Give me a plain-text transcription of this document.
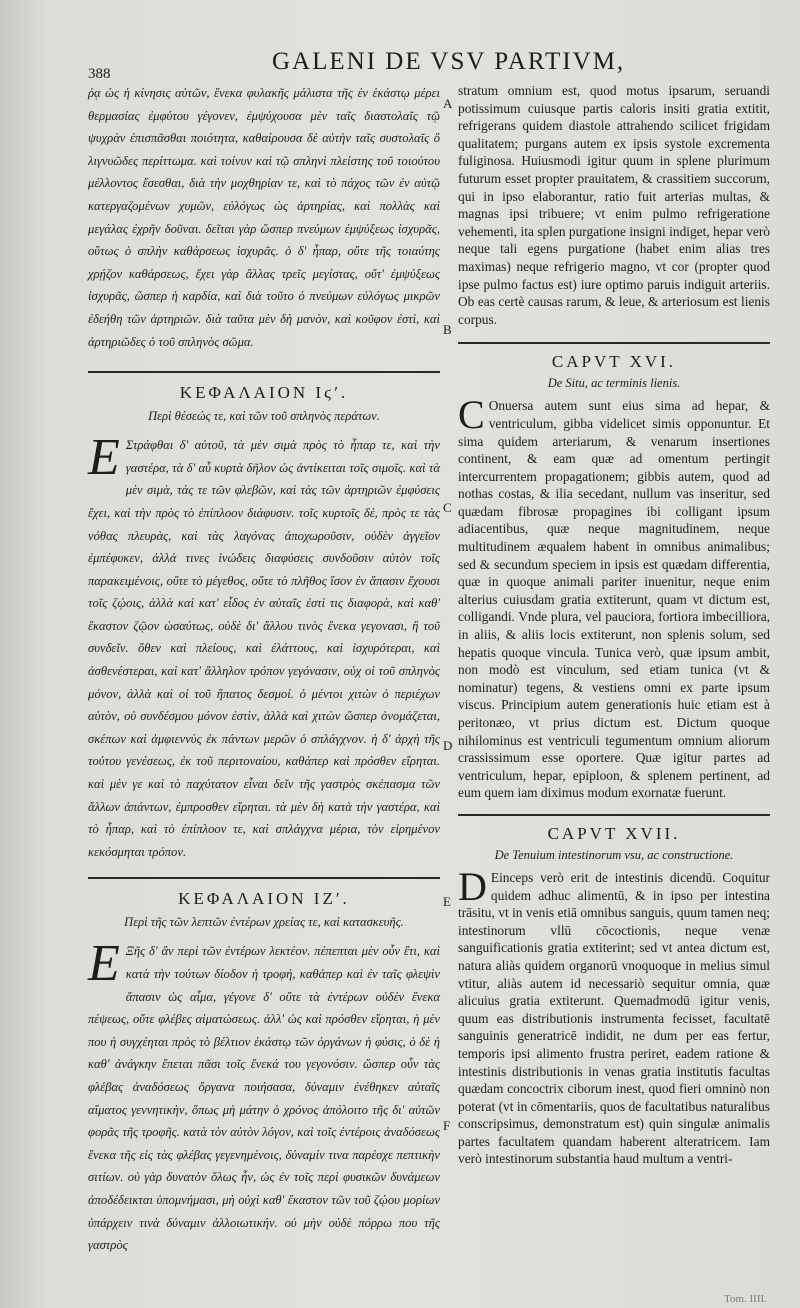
388	GALENI DE VSV PARTIVM,

ῥᾳ ὡς ἡ κίνησις αὐτῶν, ἕνεκα φυλακῆς μάλιστα τῆς ἐν ἑκάστῳ μέρει θερμασίας ἐμφύτου γέγονεν, ἐμψύχουσα μὲν ταῖς διαστολαῖς τῷ ψυχρὰν ἐπισπᾶσθαι ποιότητα, καθαίρουσα δὲ αὐτὴν ταῖς συστολαῖς ὅ λιγνυῶδες περίττωμα. καὶ τοίνυν καὶ τῷ σπληνὶ πλείστης τοῦ τοιούτου μέλλοντος ἔσεσθαι, διὰ τὴν μοχθηρίαν τε, καὶ τὸ πάχος τῶν ἐν αὐτῷ κατεργαζομένων χυμῶν, εὐλόγως ὡς ἀρτηρίας, καὶ πολλὰς καὶ μεγάλας ἐχρῆν δοῦναι. δεῖται γὰρ ὥσπερ πνεύμων ἐμψύξεως ἰσχυρᾶς, οὕτως ὁ σπλὴν καθάρσεως ἰσχυρᾶς. ὁ δ' ἧπαρ, οὔτε τῆς τοιαύτης χρῄζον καθάρσεως, ἔχει γὰρ ἄλλας τρεῖς μεγίστας, οὔτ' ἐμψύξεως ἰσχυρᾶς, ὥσπερ ἡ καρδία, καὶ διὰ τοῦτο ὁ πνεύμων εὐλόγως μικρῶν ἐδεήθη τῶν ἀρτηριῶν. διὰ ταῦτα μὲν δὴ μανὸν, καὶ κοῦφον ἐστὶ, καὶ ἀρτηριῶδες ὁ τοῦ σπληνὸς σῶμα.

ΚΕΦΑΛΑΙΟΝ Ιϛʹ.
Περὶ θέσεώς τε, καὶ τῶν τοῦ σπληνὸς περάτων.

Ε Στράφθαι δ' αὐτοῦ, τὰ μὲν σιμὰ πρὸς τὸ ἧπαρ τε, καὶ τὴν γαστέρα, τὰ δ' αὖ κυρτὰ δῆλον ὡς ἀντίκειται τοῖς σιμοῖς. καὶ τὰ μὲν σιμὰ, τάς τε τῶν φλεβῶν, καὶ τὰς τῶν ἀρτηριῶν ἐμφύσεις ἔχει, καὶ τὴν πρὸς τὸ ἐπίπλοον διάφυσιν. τοῖς κυρτοῖς δὲ, πρὸς τε τὰς νόθας πλευρὰς, καὶ τὰς λαγόνας ἀποχωροῦσιν, οὐδὲν ἀγγεῖον ἐμπέφυκεν, ἀλλά τινες ἰνώδεις διαφύσεις συνδοῦσιν αὐτὸν τοῖς παρακειμένοις, οὔτε τὸ μέγεθος, οὔτε τὸ πλῆθος ἴσον ἐν ἅπασιν ἔχουσι τοῖς ζῴοις, ἀλλὰ καὶ κατ' εἶδος ἐν αὐταῖς ἐστὶ τις διαφορὰ, καὶ καθ' ἕκαστον ζῷον ὡσαύτως, οὐδὲ δι' ἄλλου τινὸς ἕνεκα γεγονασι, ἢ τοῦ συνδεῖν. ὅθεν καὶ πλείους, καὶ ἐλάττους, καὶ ἰσχυρότεραι, καὶ ἀσθενέστεραι, καὶ κατ' ἄλληλον τρόπον γεγόνασιν, οὐχ οἱ τοῦ σπληνὸς μόνον, ἀλλὰ καὶ οἱ τοῦ ἥπατος δεσμοί. ὁ μέντοι χιτὼν ὁ περιέχων αὐτὸν, οὐ συνδέσμου μόνον ἐστὶν, ἀλλὰ καὶ χιτὼν ὥσπερ ὀνομάζεται, σκέπων καὶ ἀμφιεννὺς ἐκ πάντων μερῶν ὁ σπλάγχνον. ἡ δ' ἀρχὴ τῆς τούτου γενέσεως, ἐκ τοῦ περιτοναίου, καθάπερ καὶ πρόσθεν εἴρηται. καὶ μὲν γε καὶ τὸ παχύτατον εἶναι δεῖν τῆς γαστρὸς σκέπασμα τῶν ἄλλων ἁπάντων, ἐμπροσθεν εἴρηται. τὰ μὲν δὴ κατὰ τὴν γαστέρα, καὶ τὸ ἧπαρ, καὶ τὸ ἐπίπλοον τε, καὶ σπλάγχνα μέρια, τὸν εἰρημένον κεκόσμηται τρόπον.

ΚΕΦΑΛΑΙΟΝ ΙΖʹ.
Περὶ τῆς τῶν λεπτῶν ἐντέρων χρείας τε, καὶ κατασκευῆς.

Ε Ξῆς δ' ἂν περὶ τῶν ἐντέρων λεκτέον. πέπεπται μὲν οὖν ἔτι, καὶ κατὰ τὴν τούτων δίοδον ἡ τροφή, καθάπερ καὶ ἐν ταῖς φλεψὶν ἅπασιν ὡς αἷμα, γέγονε δ' οὔτε τὰ ἐντέρων οὐδὲν ἕνεκα πέψεως, οὔτε φλέβες αἱματώσεως. ἀλλ' ὡς καὶ πρόσθεν εἴρηται, ἡ μὲν που ἡ συγχέηται πρὸς τὸ βέλτιον ἑκάστῳ τῶν ὀργάνων ἡ φύσις, ὁ δὲ ἡ καθ' ἀνάγκην ἕπεται πᾶσι τοῖς ἕνεκά του γεγονόσιν. ὥσπερ οὖν τὰς φλέβας ἀναδόσεως ὄργανα ποιήσασα, δύναμιν ἐνέθηκεν αὐταῖς αἵματος γεννητικὴν, ὅπως μὴ μάτην ὁ χρόνος ἀπόλοιτο τῆς δι' αὐτῶν φορᾶς τῆς τροφῆς. κατὰ τὸν αὐτὸν λόγον, καὶ τοῖς ἐντέροις ἀναδόσεως ἕνεκα τῆς εἰς τὰς φλέβας γεγενημένοις, δύναμίν τινα παρέσχε πεπτικὴν σιτίων. οὐ γὰρ δυνατὸν ὅλως ἦν, ὡς ἐν τοῖς περὶ φυσικῶν δυνάμεων ἀποδέδεικται ὑπομνήμασι, μὴ οὐχὶ καθ' ἕκαστον τῶν τοῦ ζῴου μορίων ὑπάρχειν τινὰ δύναμιν ἀλλοιωτικήν. οὐ μὴν οὐδὲ πόρρω που τῆς γαστρὸς

A
B
C
D
E
F

stratum omnium est, quod motus ipsarum, seruandi potissimum cuiusque partis caloris insiti gratia extitit, refrigerans quidem diastole attrahendo scilicet frigidam qualitatem; purgans autem ex ipsis systole excrementa fuliginosa. Huiusmodi igitur quum in splene plurimum futurum esset propter prauitatem, & crassitiem succorum, qui in ipso elaborantur, ratio fuit arterias multas, & magnas ipsi tribuere; vt enim pulmo refrigeratione vehementi, ita splen purgatione insigni indiget, hepar verò neque tali egens purgatione (habet enim alias tres maximas) neque refrigerio magno, vt cor (propter quod ipse pulmo factus est) iure optimo paruis indiguit arteriis. Ob eas certè causas rarum, & leue, & arteriosum est lienis corpus.

CAPVT XVI.
De Situ, ac terminis lienis.

C Onuersa autem sunt eius sima ad hepar, & ventriculum, gibba videlicet simis opponuntur. Et sima quidem arteriarum, & venarum insertiones continent, & eam quæ ad omentum pertingit intercurrentem propagationem; gibbis autem, quod ad nothas costas, & ilia secedant, nullum vas inseritur, sed quædam fibrosæ propagines ibi colligant ipsum adiacentibus, quæ neque magnitudinem, neque multitudinem æqualem habent in omnibus animalibus; sed & secundum speciem in ipsis est quædam differentia, quæ in quoque animali pariter inuenitur, neque enim alterius cuiusdam gratia extiterunt, quam vt dictum est, colligandi. Vnde plura, vel pauciora, fortiora imbecilliora, in aliis, & aliis locis extiterunt, non splenis solum, sed hepatis quoque vincula. Tunica verò, quæ ipsum ambit, non modò est vinculum, sed etiam tunica (vt & nominatur) tegens, & vestiens omni ex parte ipsum viscus. Principium autem generationis huic etiam est à peritonæo, vt prius dictum est. Dictum quoque nihilominus est ventriculi tegumentum omnium aliorum crassissimum esse oportere. Quæ igitur partes ad ventriculum, hepar, epiploon, & splenem pertinent, ad eum quem iam diximus modum exornatæ fuerunt.

CAPVT XVII.
De Tenuium intestinorum vsu, ac constructione.

D Einceps verò erit de intestinis dicendū. Coquitur quidem adhuc alimentū, & in ipso per intestina trāsitu, vt in venis etiā omnibus sanguis, quum tamen neq; intestinorum vllū cōcoctionis, neque venæ sanguificationis gratia extiterint; sed vt antea dictum est, natura aliàs quidem organorū vnoquoque in melius simul vtitur, aliàs autem id necessariò sequitur omnia, quæ alicuius gratia extiterunt. Quemadmodū igitur venis, quum eas distributionis instrumenta fecisset, facultatē sanguinis generatricē indidit, ne dum per eas fertur, temporis ipsi alimento frustra periret, eadem ratione & intestinis distributionis in venas gratia institutis facultas quædam concoctrix ciborum inest, quod fieri omninò non poterat (vt in cōmentariis, quos de facultatibus naturalibus conscripsimus, demonstratum est) quin singulæ animalis partes facultatem quandam haberent alteratricem. Iam verò intestinorum substantia haud multum a ventri-

Tom. IIII.
